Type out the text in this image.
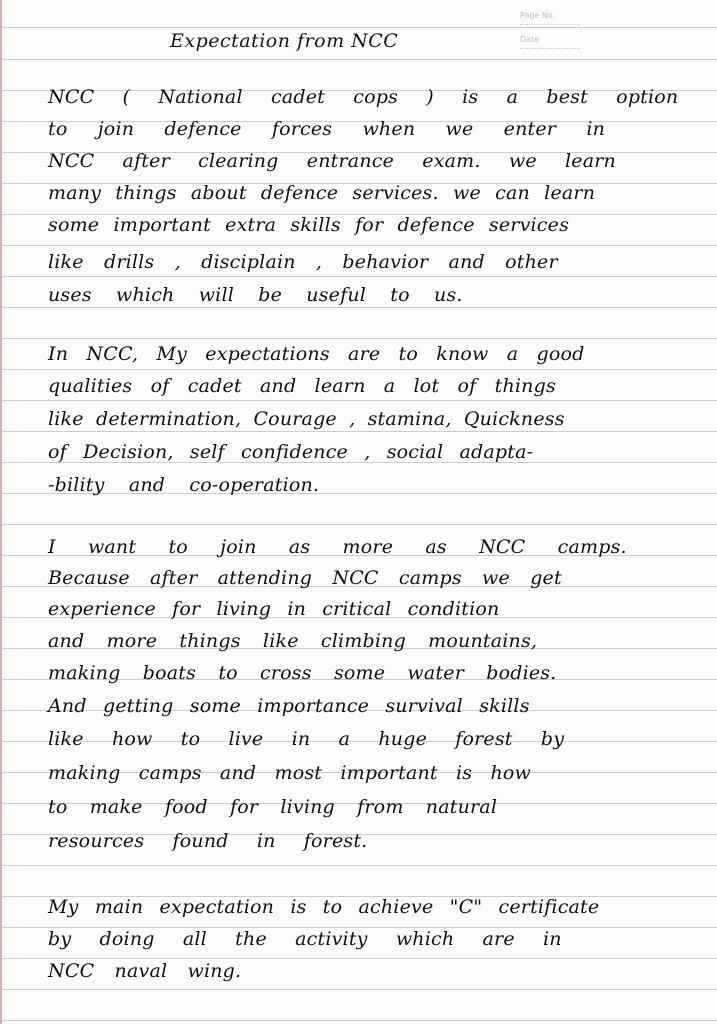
Page No.
Date
Expectation from NCC
NCC ( National cadet cops ) is a best option
to join defence forces when we enter in
NCC after clearing entrance exam. we learn
many things about defence services. we can learn
some important extra skills for defence services
like drills , disciplain , behavior and other
uses which will be useful to us.
In NCC, My expectations are to know a good
qualities of cadet and learn a lot of things
like determination, Courage , stamina, Quickness
of Decision, self confidence , social adapta-
-bility and co-operation.
I want to join as more as NCC camps.
Because after attending NCC camps we get
experience for living in critical condition
and more things like climbing mountains,
making boats to cross some water bodies.
And getting some importance survival skills
like how to live in a huge forest by
making camps and most important is how
to make food for living from natural
resources found in forest.
My main expectation is to achieve "C" certificate
by doing all the activity which are in
NCC naval wing.
